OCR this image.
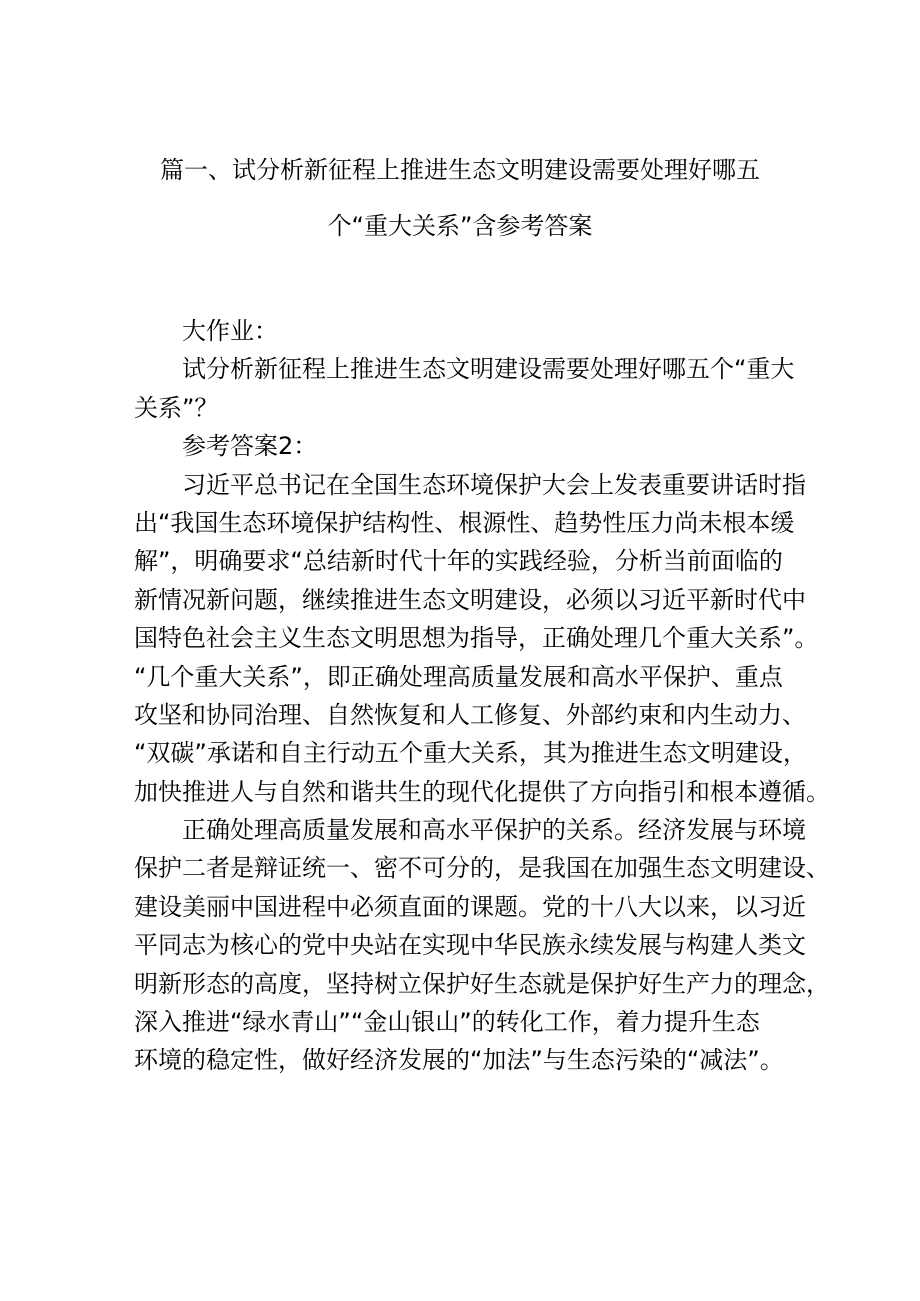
篇一、试分析新征程上推进生态文明建设需要处理好哪五
个“重大关系”含参考答案
大作业：
试分析新征程上推进生态文明建设需要处理好哪五个“重大
关系”？
参考答案2：
习近平总书记在全国生态环境保护大会上发表重要讲话时指
出“我国生态环境保护结构性、根源性、趋势性压力尚未根本缓
解”，明确要求“总结新时代十年的实践经验，分析当前面临的
新情况新问题，继续推进生态文明建设，必须以习近平新时代中
国特色社会主义生态文明思想为指导，正确处理几个重大关系”。
“几个重大关系”，即正确处理高质量发展和高水平保护、重点
攻坚和协同治理、自然恢复和人工修复、外部约束和内生动力、
“双碳”承诺和自主行动五个重大关系，其为推进生态文明建设，
加快推进人与自然和谐共生的现代化提供了方向指引和根本遵循。
正确处理高质量发展和高水平保护的关系。经济发展与环境
保护二者是辩证统一、密不可分的，是我国在加强生态文明建设、
建设美丽中国进程中必须直面的课题。党的十八大以来，以习近
平同志为核心的党中央站在实现中华民族永续发展与构建人类文
明新形态的高度，坚持树立保护好生态就是保护好生产力的理念，
深入推进“绿水青山”“金山银山”的转化工作，着力提升生态
环境的稳定性，做好经济发展的“加法”与生态污染的“减法”。
